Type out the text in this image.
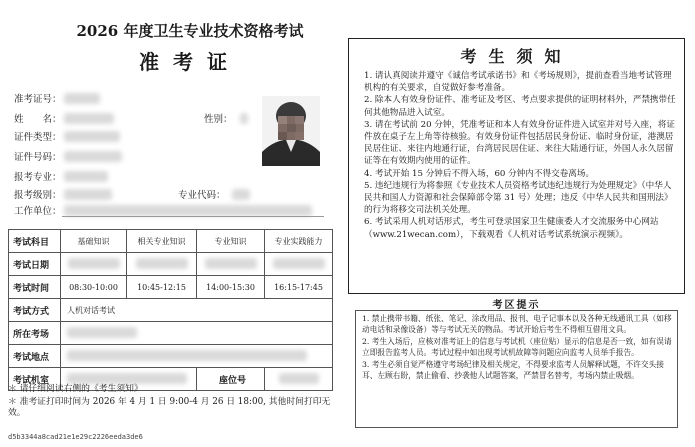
2026 年度卫生专业技术资格考试
准考证
准考证号：
姓　　名：	性别：
证件类型：
证件号码：
报考专业：
报考级别：	专业代码：
工作单位：
考试科目	基础知识	相关专业知识	专业知识	专业实践能力
考试日期				
考试时间	08:30-10:00	10:45-12:15	14:00-15:30	16:15-17:45
考试方式	人机对话考试			
所在考场				
考试地点				
考试机室			座位号	
＊ 请仔细阅读右侧的《考生须知》
＊ 准考证打印时间为 2026 年 4 月 1 日 9:00-4 月 26 日 18:00, 其他时间打印无效。
d5b3344a8cad21e1e29c2226eeda3de6
考生须知

1. 请认真阅读并遵守《诚信考试承诺书》和《考场规则》，提前查看当地考试管理机构的有关要求，自觉做好参考准备。

2. 除本人有效身份证件、准考证及考区、考点要求提供的证明材料外，严禁携带任何其他物品进入试室。

3. 请在考试前 20 分钟，凭准考证和本人有效身份证件进入试室并对号入座，将证件放在桌子左上角等待核验。有效身份证件包括居民身份证、临时身份证，港澳居民居住证、来往内地通行证，台湾居民居住证、来往大陆通行证，外国人永久居留证等在有效期内使用的证件。

4. 考试开始 15 分钟后不得入场，60 分钟内不得交卷离场。

5. 违纪违规行为将参照《专业技术人员资格考试违纪违规行为处理规定》（中华人民共和国人力资源和社会保障部令第 31 号）处理；违反《中华人民共和国刑法》的行为将移交司法机关处理。

6. 考试采用人机对话形式，考生可登录国家卫生健康委人才交流服务中心网站（www.21wecan.com），下载观看《人机对话考试系统演示视频》。

考区提示

1. 禁止携带书籍、纸张、笔记、涂改用品、报刊、电子记事本以及各种无线通讯工具（如移动电话和录像设备）等与考试无关的物品。考试开始后考生不得相互借用文具。

2. 考生入场后，应核对准考证上的信息与考试机（座位贴）显示的信息是否一致，如有误请立即报告监考人员。考试过程中如出现考试机故障等问题应向监考人员举手报告。

3. 考生必须自觉严格遵守考场纪律及相关规定，不得要求监考人员解释试题，不许交头接耳、左顾右盼，禁止偷看、抄袭他人试题答案，严禁冒名替考，考场内禁止吸烟。
